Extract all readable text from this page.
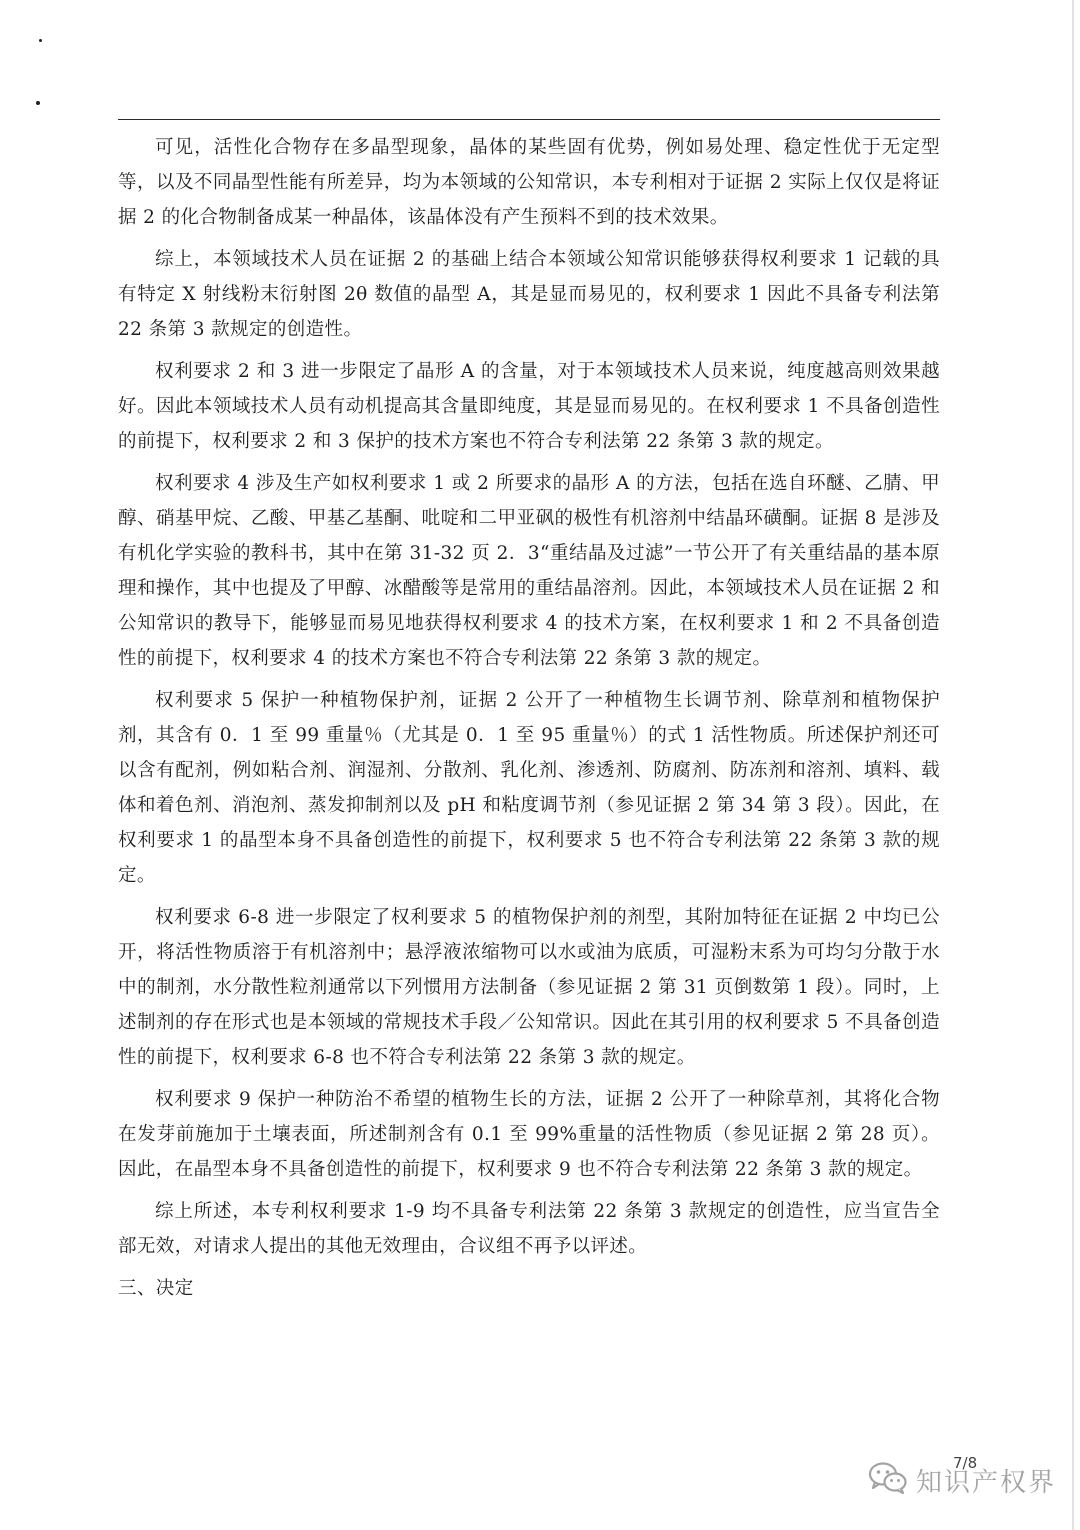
可见，活性化合物存在多晶型现象，晶体的某些固有优势，例如易处理、稳定性优于无定型等，以及不同晶型性能有所差异，均为本领域的公知常识，本专利相对于证据 2 实际上仅仅是将证据 2 的化合物制备成某一种晶体，该晶体没有产生预料不到的技术效果。

综上，本领域技术人员在证据 2 的基础上结合本领域公知常识能够获得权利要求 1 记载的具有特定 X 射线粉末衍射图 2θ 数值的晶型 A，其是显而易见的，权利要求 1 因此不具备专利法第 22 条第 3 款规定的创造性。

权利要求 2 和 3 进一步限定了晶形 A 的含量，对于本领域技术人员来说，纯度越高则效果越好。因此本领域技术人员有动机提高其含量即纯度，其是显而易见的。在权利要求 1 不具备创造性的前提下，权利要求 2 和 3 保护的技术方案也不符合专利法第 22 条第 3 款的规定。

权利要求 4 涉及生产如权利要求 1 或 2 所要求的晶形 A 的方法，包括在选自环醚、乙腈、甲醇、硝基甲烷、乙酸、甲基乙基酮、吡啶和二甲亚砜的极性有机溶剂中结晶环磺酮。证据 8 是涉及有机化学实验的教科书，其中在第 31-32 页 2．3“重结晶及过滤”一节公开了有关重结晶的基本原理和操作，其中也提及了甲醇、冰醋酸等是常用的重结晶溶剂。因此，本领域技术人员在证据 2 和公知常识的教导下，能够显而易见地获得权利要求 4 的技术方案，在权利要求 1 和 2 不具备创造性的前提下，权利要求 4 的技术方案也不符合专利法第 22 条第 3 款的规定。

权利要求 5 保护一种植物保护剂，证据 2 公开了一种植物生长调节剂、除草剂和植物保护剂，其含有 0．1 至 99 重量％（尤其是 0．1 至 95 重量％）的式 1 活性物质。所述保护剂还可以含有配剂，例如粘合剂、润湿剂、分散剂、乳化剂、渗透剂、防腐剂、防冻剂和溶剂、填料、载体和着色剂、消泡剂、蒸发抑制剂以及 pH 和粘度调节剂（参见证据 2 第 34 第 3 段）。因此，在权利要求 1 的晶型本身不具备创造性的前提下，权利要求 5 也不符合专利法第 22 条第 3 款的规定。

权利要求 6-8 进一步限定了权利要求 5 的植物保护剂的剂型，其附加特征在证据 2 中均已公开，将活性物质溶于有机溶剂中；悬浮液浓缩物可以水或油为底质，可湿粉末系为可均匀分散于水中的制剂，水分散性粒剂通常以下列惯用方法制备（参见证据 2 第 31 页倒数第 1 段）。同时，上述制剂的存在形式也是本领域的常规技术手段／公知常识。因此在其引用的权利要求 5 不具备创造性的前提下，权利要求 6-8 也不符合专利法第 22 条第 3 款的规定。

权利要求 9 保护一种防治不希望的植物生长的方法，证据 2 公开了一种除草剂，其将化合物在发芽前施加于土壤表面，所述制剂含有 0.1 至 99%重量的活性物质（参见证据 2 第 28 页）。因此，在晶型本身不具备创造性的前提下，权利要求 9 也不符合专利法第 22 条第 3 款的规定。

综上所述，本专利权利要求 1-9 均不具备专利法第 22 条第 3 款规定的创造性，应当宣告全部无效，对请求人提出的其他无效理由，合议组不再予以评述。

三、决定

7/8
知识产权界
